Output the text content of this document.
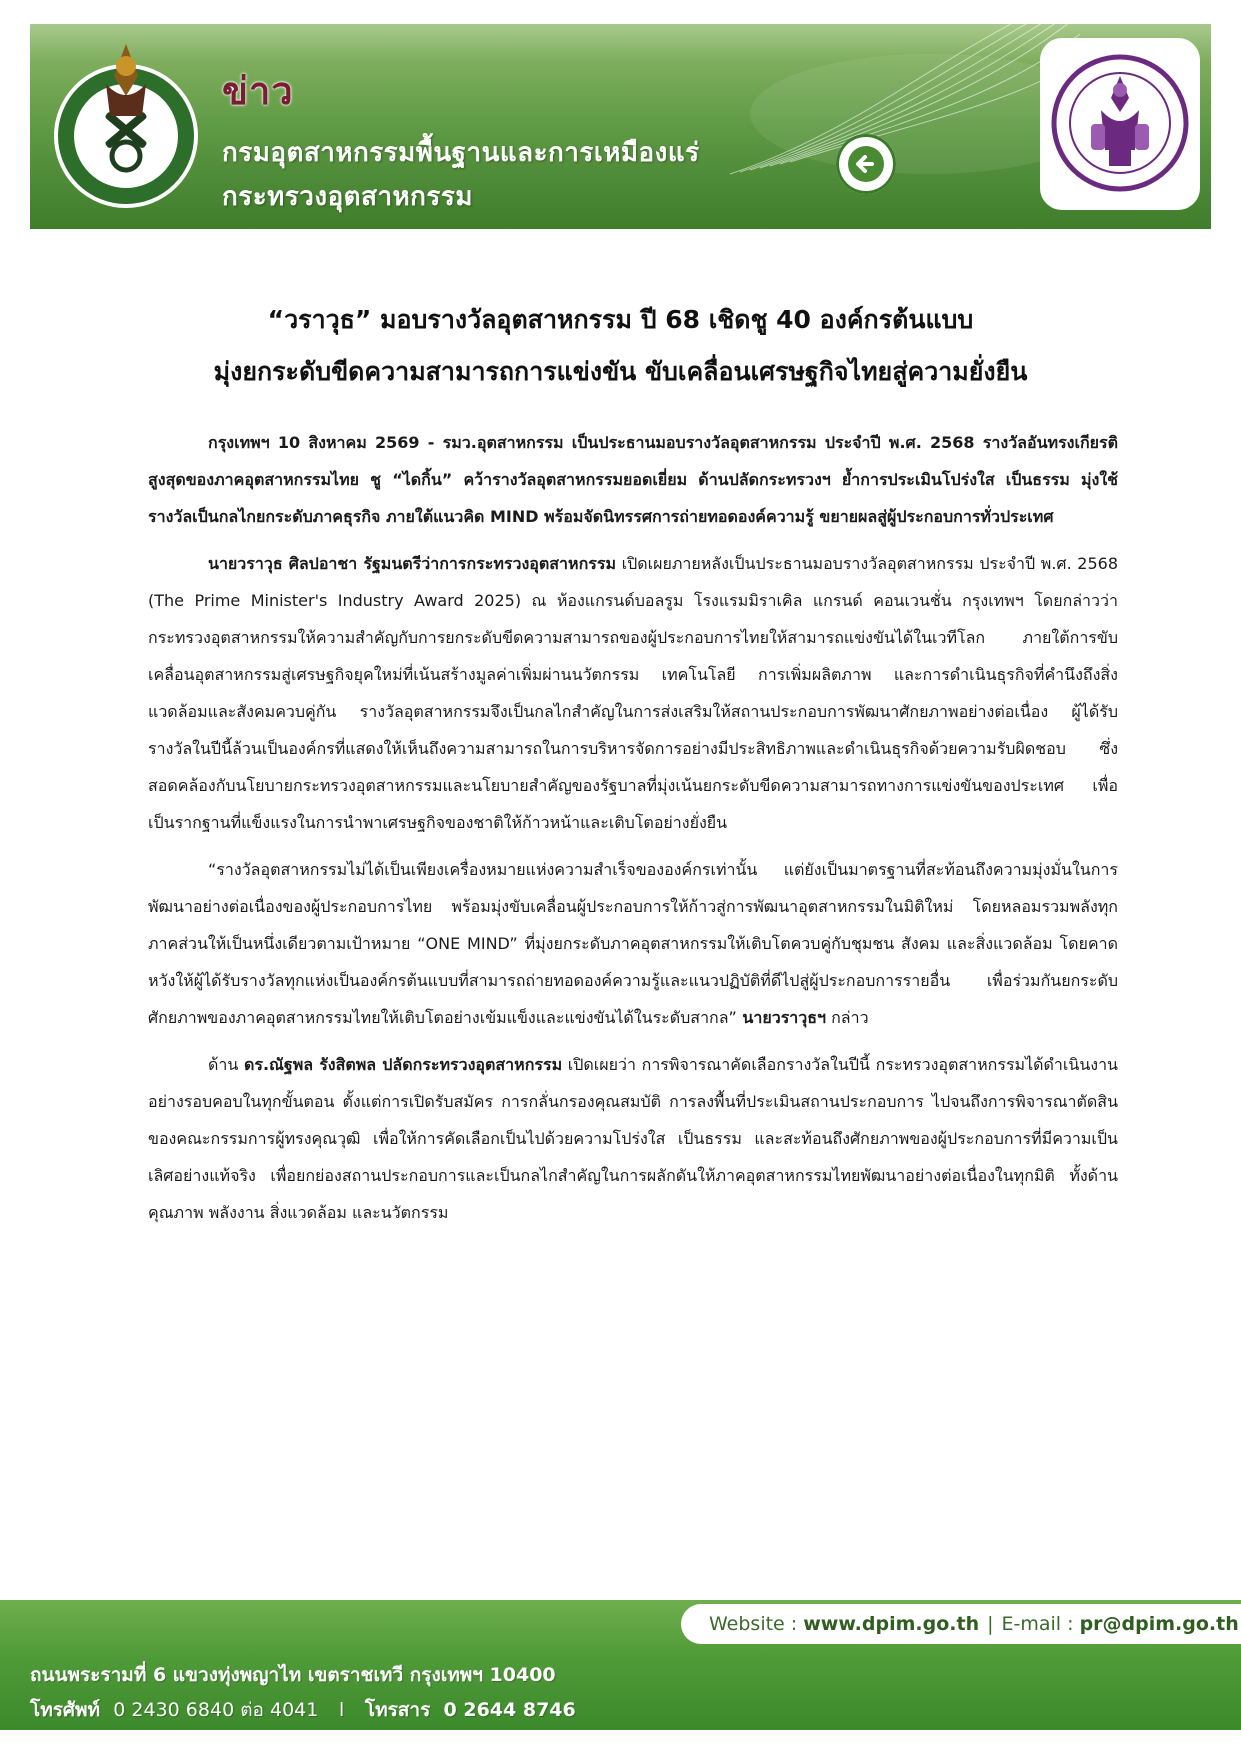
ข่าว
กรมอุตสาหกรรมพื้นฐานและการเหมืองแร่
กระทรวงอุตสาหกรรม
“วราวุธ” มอบรางวัลอุตสาหกรรม ปี 68 เชิดชู 40 องค์กรต้นแบบ
มุ่งยกระดับขีดความสามารถการแข่งขัน ขับเคลื่อนเศรษฐกิจไทยสู่ความยั่งยืน

กรุงเทพฯ 10 สิงหาคม 2569 - รมว.อุตสาหกรรม เป็นประธานมอบรางวัลอุตสาหกรรม ประจำปี พ.ศ. 2568 รางวัลอันทรงเกียรติสูงสุดของภาคอุตสาหกรรมไทย ชู “ไดกิ้น” คว้ารางวัลอุตสาหกรรมยอดเยี่ยม ด้านปลัดกระทรวงฯ ย้ำการประเมินโปร่งใส เป็นธรรม มุ่งใช้รางวัลเป็นกลไกยกระดับภาคธุรกิจ ภายใต้แนวคิด MIND พร้อมจัดนิทรรศการถ่ายทอดองค์ความรู้ ขยายผลสู่ผู้ประกอบการทั่วประเทศ

นายวราวุธ ศิลปอาชา รัฐมนตรีว่าการกระทรวงอุตสาหกรรม เปิดเผยภายหลังเป็นประธานมอบรางวัลอุตสาหกรรม ประจำปี พ.ศ. 2568 (The Prime Minister's Industry Award 2025) ณ ห้องแกรนด์บอลรูม โรงแรมมิราเคิล แกรนด์ คอนเวนชั่น กรุงเทพฯ โดยกล่าวว่า กระทรวงอุตสาหกรรมให้ความสำคัญกับการยกระดับขีดความสามารถของผู้ประกอบการไทยให้สามารถแข่งขันได้ในเวทีโลก ภายใต้การขับเคลื่อนอุตสาหกรรมสู่เศรษฐกิจยุคใหม่ที่เน้นสร้างมูลค่าเพิ่มผ่านนวัตกรรม เทคโนโลยี การเพิ่มผลิตภาพ และการดำเนินธุรกิจที่คำนึงถึงสิ่งแวดล้อมและสังคมควบคู่กัน รางวัลอุตสาหกรรมจึงเป็นกลไกสำคัญในการส่งเสริมให้สถานประกอบการพัฒนาศักยภาพอย่างต่อเนื่อง ผู้ได้รับรางวัลในปีนี้ล้วนเป็นองค์กรที่แสดงให้เห็นถึงความสามารถในการบริหารจัดการอย่างมีประสิทธิภาพและดำเนินธุรกิจด้วยความรับผิดชอบ ซึ่งสอดคล้องกับนโยบายกระทรวงอุตสาหกรรมและนโยบายสำคัญของรัฐบาลที่มุ่งเน้นยกระดับขีดความสามารถทางการแข่งขันของประเทศ เพื่อเป็นรากฐานที่แข็งแรงในการนำพาเศรษฐกิจของชาติให้ก้าวหน้าและเติบโตอย่างยั่งยืน

“รางวัลอุตสาหกรรมไม่ได้เป็นเพียงเครื่องหมายแห่งความสำเร็จขององค์กรเท่านั้น แต่ยังเป็นมาตรฐานที่สะท้อนถึงความมุ่งมั่นในการพัฒนาอย่างต่อเนื่องของผู้ประกอบการไทย พร้อมมุ่งขับเคลื่อนผู้ประกอบการให้ก้าวสู่การพัฒนาอุตสาหกรรมในมิติใหม่ โดยหลอมรวมพลังทุกภาคส่วนให้เป็นหนึ่งเดียวตามเป้าหมาย “ONE MIND” ที่มุ่งยกระดับภาคอุตสาหกรรมให้เติบโตควบคู่กับชุมชน สังคม และสิ่งแวดล้อม โดยคาดหวังให้ผู้ได้รับรางวัลทุกแห่งเป็นองค์กรต้นแบบที่สามารถถ่ายทอดองค์ความรู้และแนวปฏิบัติที่ดีไปสู่ผู้ประกอบการรายอื่น เพื่อร่วมกันยกระดับศักยภาพของภาคอุตสาหกรรมไทยให้เติบโตอย่างเข้มแข็งและแข่งขันได้ในระดับสากล” นายวราวุธฯ กล่าว

ด้าน ดร.ณัฐพล รังสิตพล ปลัดกระทรวงอุตสาหกรรม เปิดเผยว่า การพิจารณาคัดเลือกรางวัลในปีนี้ กระทรวงอุตสาหกรรมได้ดำเนินงานอย่างรอบคอบในทุกขั้นตอน ตั้งแต่การเปิดรับสมัคร การกลั่นกรองคุณสมบัติ การลงพื้นที่ประเมินสถานประกอบการ ไปจนถึงการพิจารณาตัดสินของคณะกรรมการผู้ทรงคุณวุฒิ เพื่อให้การคัดเลือกเป็นไปด้วยความโปร่งใส เป็นธรรม และสะท้อนถึงศักยภาพของผู้ประกอบการที่มีความเป็นเลิศอย่างแท้จริง เพื่อยกย่องสถานประกอบการและเป็นกลไกสำคัญในการผลักดันให้ภาคอุตสาหกรรมไทยพัฒนาอย่างต่อเนื่องในทุกมิติ ทั้งด้านคุณภาพ พลังงาน สิ่งแวดล้อม และนวัตกรรม

Website :
www.dpim.go.th | E-mail :
pr@dpim.go.th
ถนนพระรามที่ 6 แขวงทุ่งพญาไท เขตราชเทวี กรุงเทพฯ 10400
โทรศัพท์ 0 2430 6840 ต่อ 4041 l โทรสาร 0 2644 8746
